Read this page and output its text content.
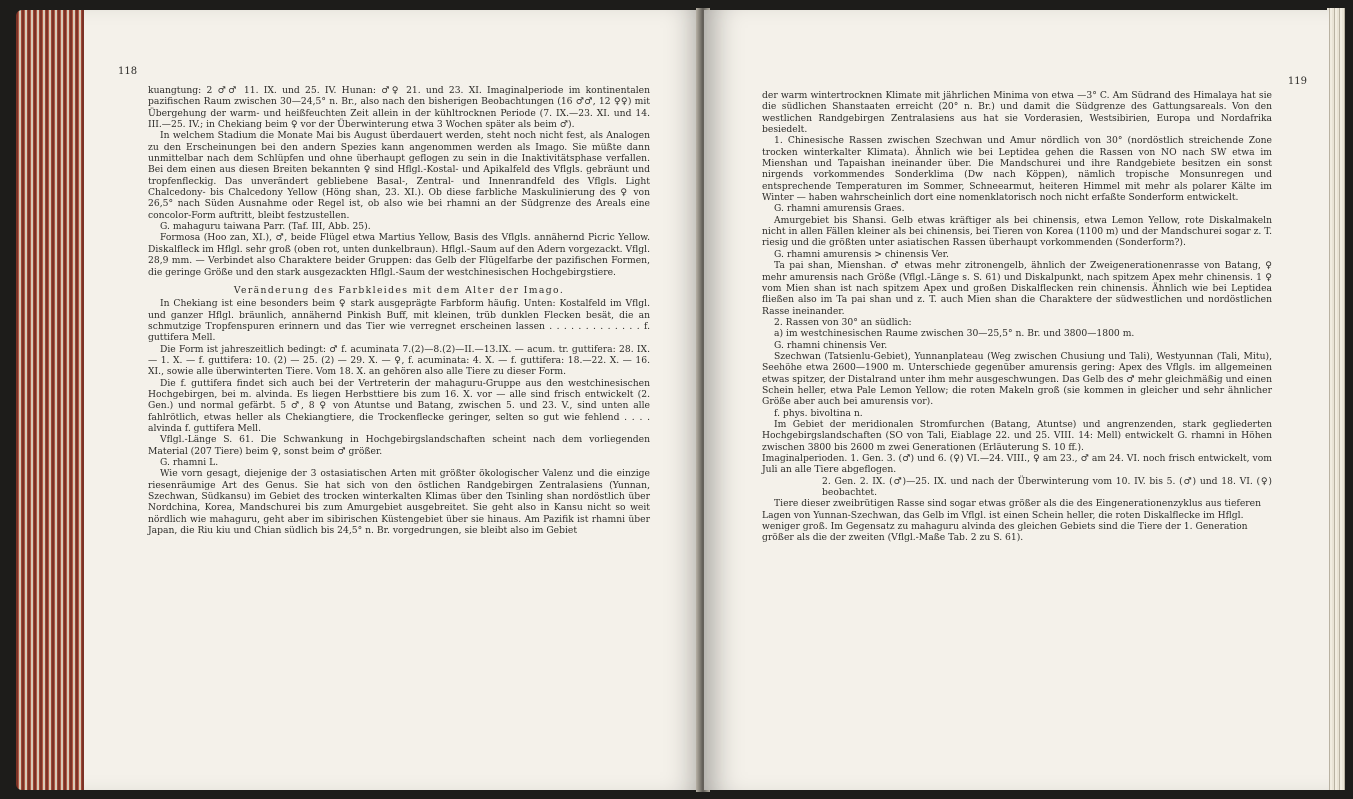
118

kuangtung: 2 ♂♂ 11. IX. und 25. IV. Hunan: ♂♀ 21. und 23. XI. Imaginalperiode im kontinentalen pazifischen Raum zwischen 30—24,5° n. Br., also nach den bisherigen Beobachtungen (16 ♂♂, 12 ♀♀) mit Übergehung der warm- und heißfeuchten Zeit allein in der kühltrocknen Periode (7. IX.—23. XI. und 14. III.—25. IV.; in Chekiang beim ♀ vor der Überwinterung etwa 3 Wochen später als beim ♂).

In welchem Stadium die Monate Mai bis August überdauert werden, steht noch nicht fest, als Analogen zu den Erscheinungen bei den andern Spezies kann angenommen werden als Imago. Sie müßte dann unmittelbar nach dem Schlüpfen und ohne überhaupt geflogen zu sein in die Inaktivitätsphase verfallen. Bei dem einen aus diesen Breiten bekannten ♀ sind Hflgl.-Kostal- und Apikalfeld des Vflgls. gebräunt und tropfenfleckig. Das unverändert gebliebene Basal-, Zentral- und Innenrandfeld des Vflgls. Light Chalcedony- bis Chalcedony Yellow (Höng shan, 23. XI.). Ob diese farbliche Maskulinierung des ♀ von 26,5° nach Süden Ausnahme oder Regel ist, ob also wie bei rhamni an der Südgrenze des Areals eine concolor-Form auftritt, bleibt festzustellen.

G. mahaguru taiwana Parr. (Taf. III, Abb. 25).

Formosa (Hoo zan, XI.), ♂, beide Flügel etwa Martius Yellow, Basis des Vflgls. annähernd Picric Yellow. Diskalfleck im Hflgl. sehr groß (oben rot, unten dunkelbraun). Hflgl.-Saum auf den Adern vorgezackt. Vflgl. 28,9 mm. — Verbindet also Charaktere beider Gruppen: das Gelb der Flügelfarbe der pazifischen Formen, die geringe Größe und den stark ausgezackten Hflgl.-Saum der westchinesischen Hochgebirgstiere.

Veränderung des Farbkleides mit dem Alter der Imago.

In Chekiang ist eine besonders beim ♀ stark ausgeprägte Farbform häufig. Unten: Kostalfeld im Vflgl. und ganzer Hflgl. bräunlich, annähernd Pinkish Buff, mit kleinen, trüb dunklen Flecken besät, die an schmutzige Tropfenspuren erinnern und das Tier wie verregnet erscheinen lassen . . . . . . . . . . . . . f. guttifera Mell.

Die Form ist jahreszeitlich bedingt: ♂ f. acuminata 7.(2)—8.(2)—II.—13.IX. — acum. tr. guttifera: 28. IX.— 1. X. — f. guttifera: 10. (2) — 25. (2) — 29. X. — ♀, f. acuminata: 4. X. — f. guttifera: 18.—22. X. — 16. XI., sowie alle überwinterten Tiere. Vom 18. X. an gehören also alle Tiere zu dieser Form.

Die f. guttifera findet sich auch bei der Vertreterin der mahaguru-Gruppe aus den westchinesischen Hochgebirgen, bei m. alvinda. Es liegen Herbsttiere bis zum 16. X. vor — alle sind frisch entwickelt (2. Gen.) und normal gefärbt. 5 ♂, 8 ♀ von Atuntse und Batang, zwischen 5. und 23. V., sind unten alle fahlrötlich, etwas heller als Chekiangtiere, die Trockenflecke geringer, selten so gut wie fehlend . . . . alvinda f. guttifera Mell.

Vflgl.-Länge S. 61. Die Schwankung in Hochgebirgslandschaften scheint nach dem vorliegenden Material (207 Tiere) beim ♀, sonst beim ♂ größer.

G. rhamni L.

Wie vorn gesagt, diejenige der 3 ostasiatischen Arten mit größter ökologischer Valenz und die einzige riesenräumige Art des Genus. Sie hat sich von den östlichen Randgebirgen Zentralasiens (Yunnan, Szechwan, Südkansu) im Gebiet des trocken winterkalten Klimas über den Tsinling shan nordöstlich über Nordchina, Korea, Mandschurei bis zum Amurgebiet ausgebreitet. Sie geht also in Kansu nicht so weit nördlich wie mahaguru, geht aber im sibirischen Küstengebiet über sie hinaus. Am Pazifik ist rhamni über Japan, die Riu kiu und Chian südlich bis 24,5° n. Br. vorgedrungen, sie bleibt also im Gebiet

119

der warm wintertrocknen Klimate mit jährlichen Minima von etwa —3° C. Am Südrand des Himalaya hat sie die südlichen Shanstaaten erreicht (20° n. Br.) und damit die Südgrenze des Gattungsareals. Von den westlichen Randgebirgen Zentralasiens aus hat sie Vorderasien, Westsibirien, Europa und Nordafrika besiedelt.

1. Chinesische Rassen zwischen Szechwan und Amur nördlich von 30° (nordöstlich streichende Zone trocken winterkalter Klimata). Ähnlich wie bei Leptidea gehen die Rassen von NO nach SW etwa im Mienshan und Tapaishan ineinander über. Die Mandschurei und ihre Randgebiete besitzen ein sonst nirgends vorkommendes Sonderklima (Dw nach Köppen), nämlich tropische Monsunregen und entsprechende Temperaturen im Sommer, Schneearmut, heiteren Himmel mit mehr als polarer Kälte im Winter — haben wahrscheinlich dort eine nomenklatorisch noch nicht erfaßte Sonderform entwickelt.

G. rhamni amurensis Graes.

Amurgebiet bis Shansi. Gelb etwas kräftiger als bei chinensis, etwa Lemon Yellow, rote Diskalmakeln nicht in allen Fällen kleiner als bei chinensis, bei Tieren von Korea (1100 m) und der Mandschurei sogar z. T. riesig und die größten unter asiatischen Rassen überhaupt vorkommenden (Sonderform?).

G. rhamni amurensis > chinensis Ver.

Ta pai shan, Mienshan. ♂ etwas mehr zitronengelb, ähnlich der Zweigenerationenrasse von Batang, ♀ mehr amurensis nach Größe (Vflgl.-Länge s. S. 61) und Diskalpunkt, nach spitzem Apex mehr chinensis. 1 ♀ vom Mien shan ist nach spitzem Apex und großen Diskalflecken rein chinensis. Ähnlich wie bei Leptidea fließen also im Ta pai shan und z. T. auch Mien shan die Charaktere der südwestlichen und nordöstlichen Rasse ineinander.

2. Rassen von 30° an südlich:

a) im westchinesischen Raume zwischen 30—25,5° n. Br. und 3800—1800 m.

G. rhamni chinensis Ver.

Szechwan (Tatsienlu-Gebiet), Yunnanplateau (Weg zwischen Chusiung und Tali), Westyunnan (Tali, Mitu), Seehöhe etwa 2600—1900 m. Unterschiede gegenüber amurensis gering: Apex des Vflgls. im allgemeinen etwas spitzer, der Distalrand unter ihm mehr ausgeschwungen. Das Gelb des ♂ mehr gleichmäßig und einen Schein heller, etwa Pale Lemon Yellow; die roten Makeln groß (sie kommen in gleicher und sehr ähnlicher Größe aber auch bei amurensis vor).

f. phys. bivoltina n.

Im Gebiet der meridionalen Stromfurchen (Batang, Atuntse) und angrenzenden, stark gegliederten Hochgebirgslandschaften (SO von Tali, Eiablage 22. und 25. VIII. 14: Mell) entwickelt G. rhamni in Höhen zwischen 3800 bis 2600 m zwei Generationen (Erläuterung S. 10 ff.).

Imaginalperioden. 1. Gen. 3. (♂) und 6. (♀) VI.—24. VIII., ♀ am 23., ♂ am 24. VI. noch frisch entwickelt, vom Juli an alle Tiere abgeflogen.

2. Gen. 2. IX. (♂)—25. IX. und nach der Überwinterung vom 10. IV. bis 5. (♂) und 18. VI. (♀) beobachtet.

Tiere dieser zweibrütigen Rasse sind sogar etwas größer als die des Eingenerationenzyklus aus tieferen Lagen von Yunnan-Szechwan, das Gelb im Vflgl. ist einen Schein heller, die roten Diskalflecke im Hflgl. weniger groß. Im Gegensatz zu mahaguru alvinda des gleichen Gebiets sind die Tiere der 1. Generation größer als die der zweiten (Vflgl.-Maße Tab. 2 zu S. 61).
